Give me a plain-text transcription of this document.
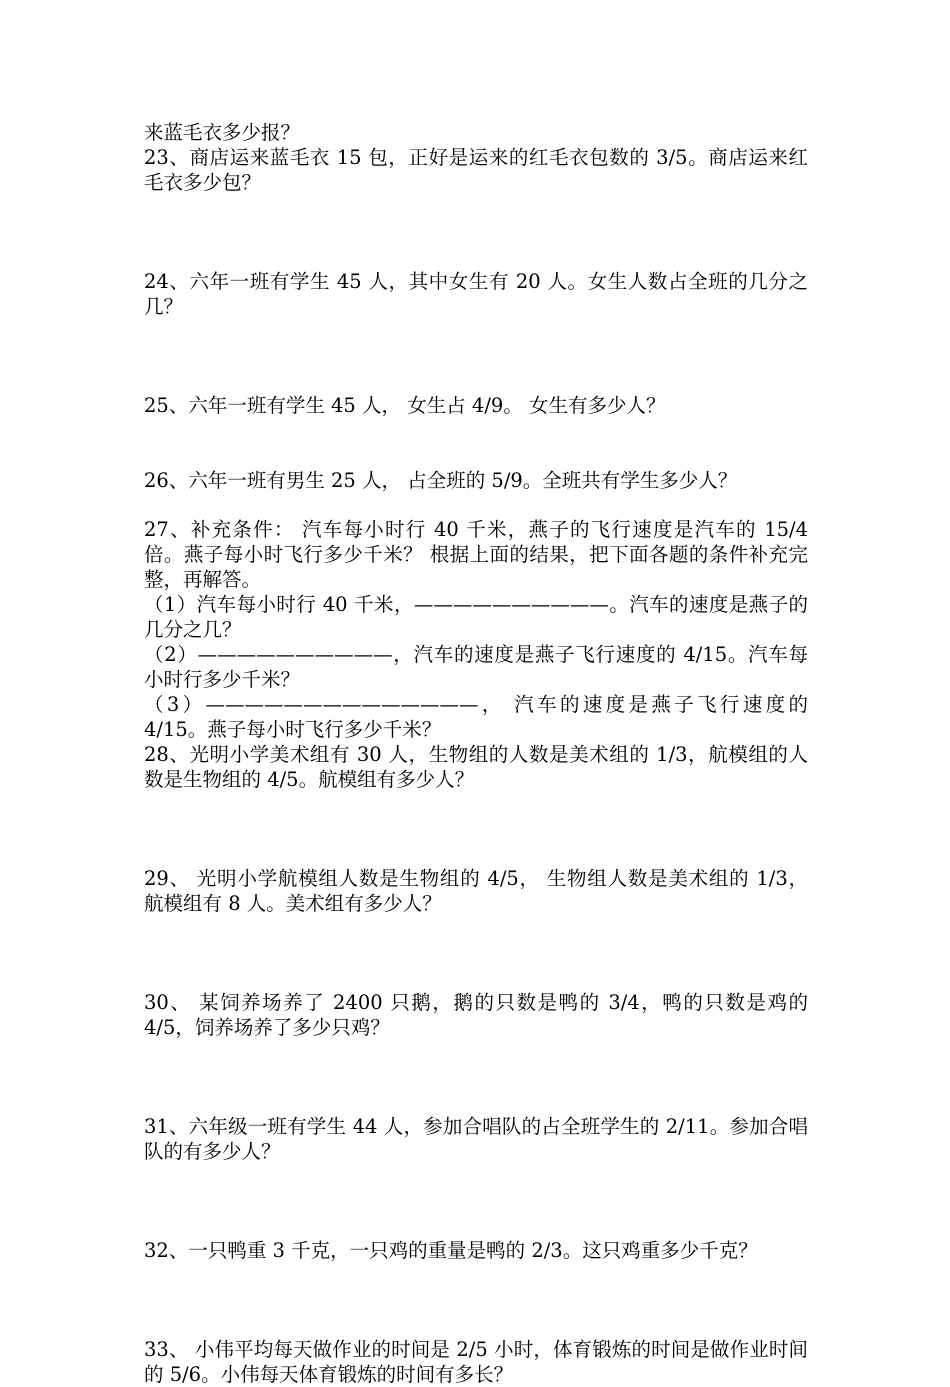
来蓝毛衣多少报？

23、商店运来蓝毛衣 15 包，正好是运来的红毛衣包数的 3/5。商店运来红毛衣多少包？

24、六年一班有学生 45 人，其中女生有 20 人。女生人数占全班的几分之几？

25、六年一班有学生 45 人， 女生占 4/9。 女生有多少人？

26、六年一班有男生 25 人， 占全班的 5/9。全班共有学生多少人？

27、补充条件： 汽车每小时行 40 千米，燕子的飞行速度是汽车的 15/4 倍。燕子每小时飞行多少千米？ 根据上面的结果，把下面各题的条件补充完整，再解答。

（1）汽车每小时行 40 千米，——————————。汽车的速度是燕子的几分之几？

（2）——————————，汽车的速度是燕子飞行速度的 4/15。汽车每小时行多少千米？

（3）——————————————， 汽车的速度是燕子飞行速度的 4/15。燕子每小时飞行多少千米？

28、光明小学美术组有 30 人，生物组的人数是美术组的 1/3，航模组的人数是生物组的 4/5。航模组有多少人？

29、 光明小学航模组人数是生物组的 4/5， 生物组人数是美术组的 1/3， 航模组有 8 人。美术组有多少人？

30、 某饲养场养了 2400 只鹅，鹅的只数是鸭的 3/4，鸭的只数是鸡的 4/5，饲养场养了多少只鸡？

31、六年级一班有学生 44 人，参加合唱队的占全班学生的 2/11。参加合唱队的有多少人？

32、一只鸭重 3 千克，一只鸡的重量是鸭的 2/3。这只鸡重多少千克？

33、 小伟平均每天做作业的时间是 2/5 小时，体育锻炼的时间是做作业时间的 5/6。小伟每天体育锻炼的时间有多长？
